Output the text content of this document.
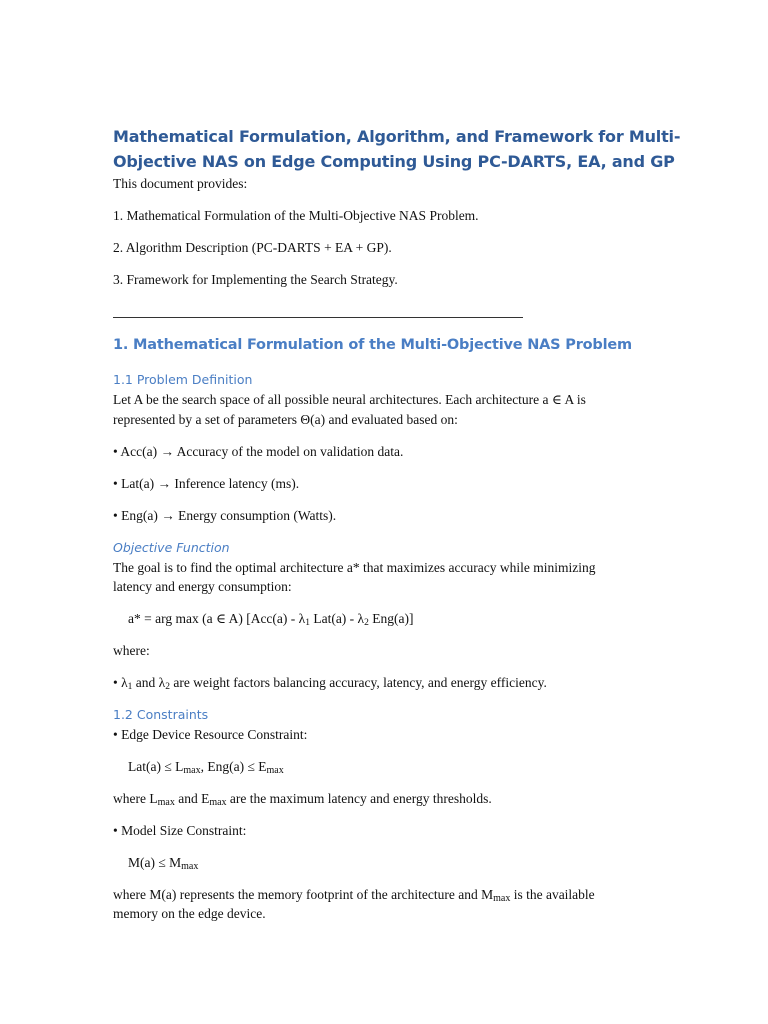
Mathematical Formulation, Algorithm, and Framework for Multi-
Objective NAS on Edge Computing Using PC-DARTS, EA, and GP
This document provides:
1. Mathematical Formulation of the Multi-Objective NAS Problem.
2. Algorithm Description (PC-DARTS + EA + GP).
3. Framework for Implementing the Search Strategy.
1. Mathematical Formulation of the Multi-Objective NAS Problem
1.1 Problem Definition
Let A be the search space of all possible neural architectures. Each architecture a ∈ A is
represented by a set of parameters Θ(a) and evaluated based on:
• Acc(a) → Accuracy of the model on validation data.
• Lat(a) → Inference latency (ms).
• Eng(a) → Energy consumption (Watts).
Objective Function
The goal is to find the optimal architecture a* that maximizes accuracy while minimizing
latency and energy consumption:
a* = arg max (a ∈ A) [$Acc(a) - \lambda_1$ $Lat(a) - \lambda_2$ Eng(a)]
where:
• $\lambda_1$ and $\lambda_2$ are weight factors balancing accuracy, latency, and energy efficiency.
1.2 Constraints
• Edge Device Resource Constraint:
$Lat(a) \le L_{max}$, $Eng(a) \le E_{max}$
where $L_{max}$ and $E_{max}$ are the maximum latency and energy thresholds.
• Model Size Constraint:
$M(a) \le M_{max}$
where M(a) represents the memory footprint of the architecture and $M_{max}$ is the available
memory on the edge device.
